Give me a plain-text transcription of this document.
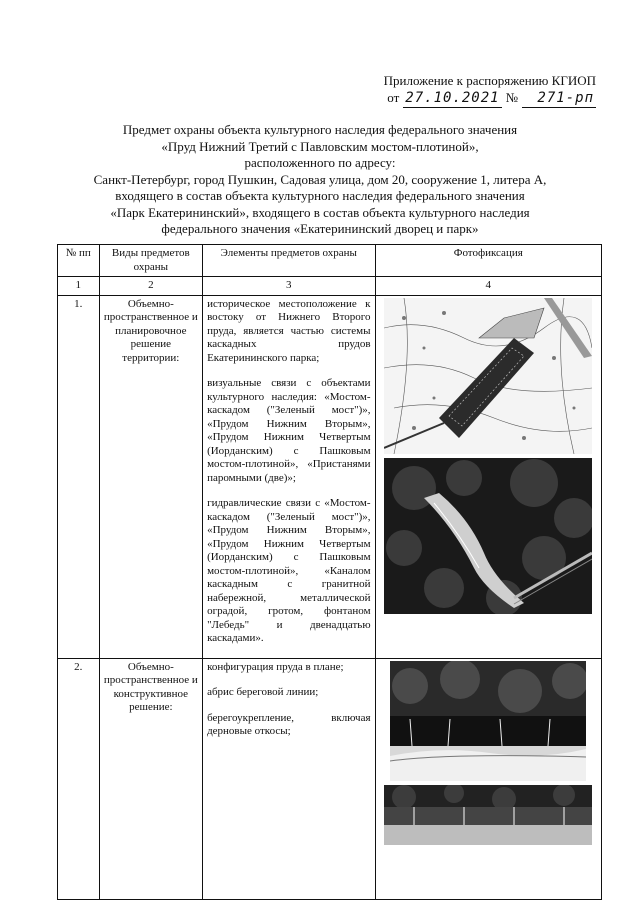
Приложение к распоряжению КГИОП
от 27.10.2021 №	271-рп

Предмет охраны объекта культурного наследия федерального значения

«Пруд Нижний Третий с Павловским мостом-плотиной»,

расположенного по адресу:

Санкт-Петербург, город Пушкин, Садовая улица, дом 20, сооружение 1, литера А,

входящего в состав объекта культурного наследия федерального значения

«Парк Екатерининский», входящего в состав объекта культурного наследия

федерального значения «Екатерининский дворец и парк»

№ пп	Виды предметов охраны	Элементы предметов охраны	Фотофиксация
1	2	3	4
1.	Объемно-пространственное и планировочное решение территории:	историческое местоположение к востоку от Нижнего Второго пруда, является частью системы каскадных прудов Екатерининского парка;

визуальные связи с объектами культурного наследия: «Мостом-каскадом ("Зеленый мост")», «Прудом Нижним Вторым», «Прудом Нижним Четвертым (Иорданским) с Пашковым мостом-плотиной», «Пристанями паромными (две)»;

гидравлические связи с «Мостом-каскадом ("Зеленый мост")», «Прудом Нижним Вторым», «Прудом Нижним Четвертым (Иорданским) с Пашковым мостом-плотиной», «Каналом каскадным с гранитной набережной, металлической оградой, гротом, фонтаном "Лебедь" и двенадцатью каскадами».

2.	Объемно-пространственное и конструктивное решение:	конфигурация пруда в плане;

абрис береговой линии;

берегоукрепление, включая дерновые откосы;
